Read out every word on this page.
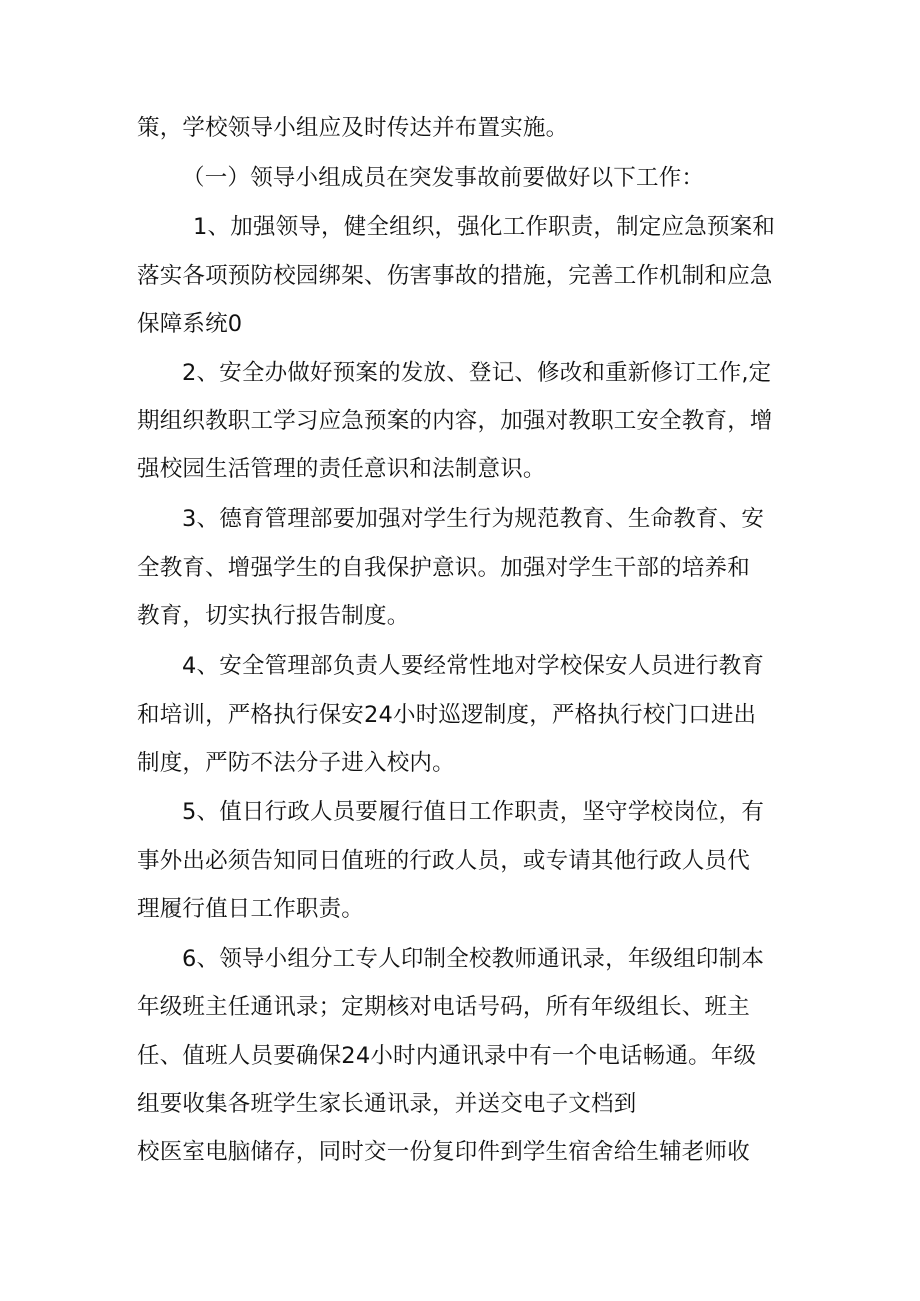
策，学校领导小组应及时传达并布置实施。
（一）领导小组成员在突发事故前要做好以下工作：
1、加强领导，健全组织，强化工作职责，制定应急预案和
落实各项预防校园绑架、伤害事故的措施，完善工作机制和应急
保障系统0
2、安全办做好预案的发放、登记、修改和重新修订工作,定
期组织教职工学习应急预案的内容，加强对教职工安全教育，增
强校园生活管理的责任意识和法制意识。
3、德育管理部要加强对学生行为规范教育、生命教育、安
全教育、增强学生的自我保护意识。加强对学生干部的培养和
教育，切实执行报告制度。
4、安全管理部负责人要经常性地对学校保安人员进行教育
和培训，严格执行保安24小时巡逻制度，严格执行校门口进出
制度，严防不法分子进入校内。
5、值日行政人员要履行值日工作职责，坚守学校岗位，有
事外出必须告知同日值班的行政人员，或专请其他行政人员代
理履行值日工作职责。
6、领导小组分工专人印制全校教师通讯录，年级组印制本
年级班主任通讯录；定期核对电话号码，所有年级组长、班主
任、值班人员要确保24小时内通讯录中有一个电话畅通。年级
组要收集各班学生家长通讯录，并送交电子文档到
校医室电脑储存，同时交一份复印件到学生宿舍给生辅老师收
